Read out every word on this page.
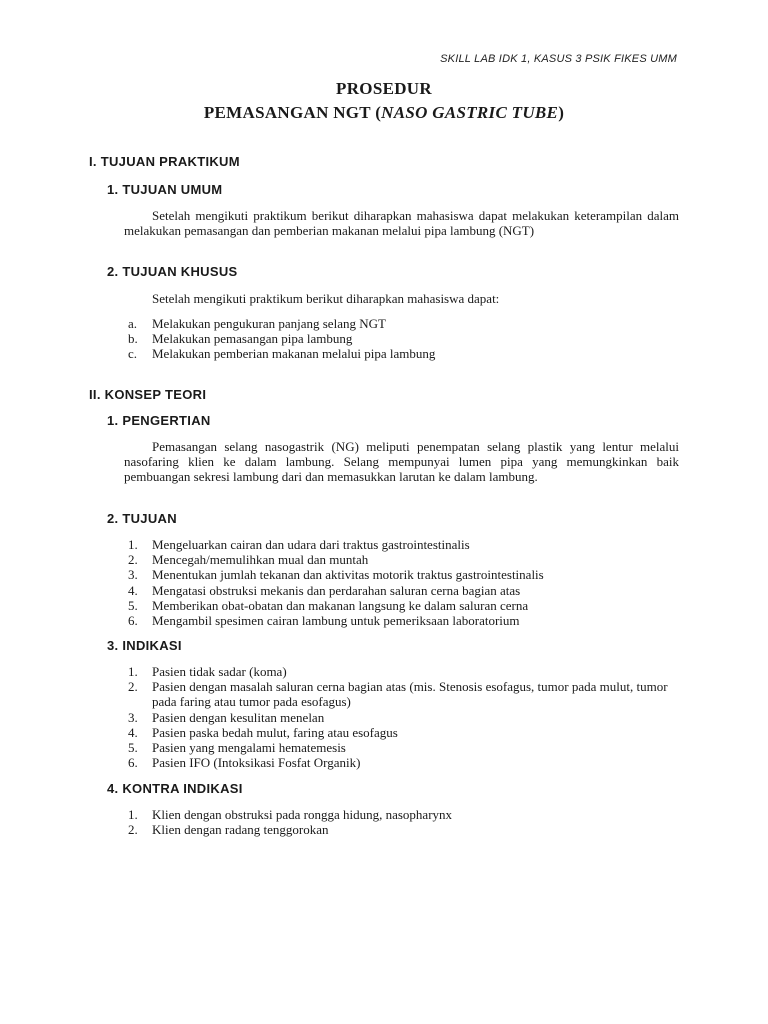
SKILL LAB IDK 1, KASUS 3 PSIK FIKES UMM
PROSEDUR
PEMASANGAN NGT (NASO GASTRIC TUBE)
I. TUJUAN PRAKTIKUM
1. TUJUAN UMUM
Setelah mengikuti praktikum berikut diharapkan mahasiswa dapat melakukan keterampilan dalam melakukan pemasangan dan pemberian makanan melalui pipa lambung (NGT)
2. TUJUAN KHUSUS
Setelah mengikuti praktikum berikut diharapkan mahasiswa dapat:
a. Melakukan pengukuran panjang selang NGT
b. Melakukan pemasangan pipa lambung
c. Melakukan pemberian makanan melalui pipa lambung
II. KONSEP TEORI
1. PENGERTIAN
Pemasangan selang nasogastrik (NG) meliputi penempatan selang plastik yang lentur melalui nasofaring klien ke dalam lambung. Selang mempunyai lumen pipa yang memungkinkan baik pembuangan sekresi lambung dari dan memasukkan larutan ke dalam lambung.
2. TUJUAN
1. Mengeluarkan cairan dan udara dari traktus gastrointestinalis
2. Mencegah/memulihkan mual dan muntah
3. Menentukan jumlah tekanan dan aktivitas motorik traktus gastrointestinalis
4. Mengatasi obstruksi mekanis dan perdarahan saluran cerna bagian atas
5. Memberikan obat-obatan dan makanan langsung ke dalam saluran cerna
6. Mengambil spesimen cairan lambung untuk pemeriksaan laboratorium
3. INDIKASI
1. Pasien tidak sadar (koma)
2. Pasien dengan masalah saluran cerna bagian atas (mis. Stenosis esofagus, tumor pada mulut, tumor pada faring atau tumor pada esofagus)
3. Pasien dengan kesulitan menelan
4. Pasien paska bedah mulut, faring atau esofagus
5. Pasien yang mengalami hematemesis
6. Pasien IFO (Intoksikasi Fosfat Organik)
4. KONTRA INDIKASI
1. Klien dengan obstruksi pada rongga hidung, nasopharynx
2. Klien dengan radang tenggorokan
